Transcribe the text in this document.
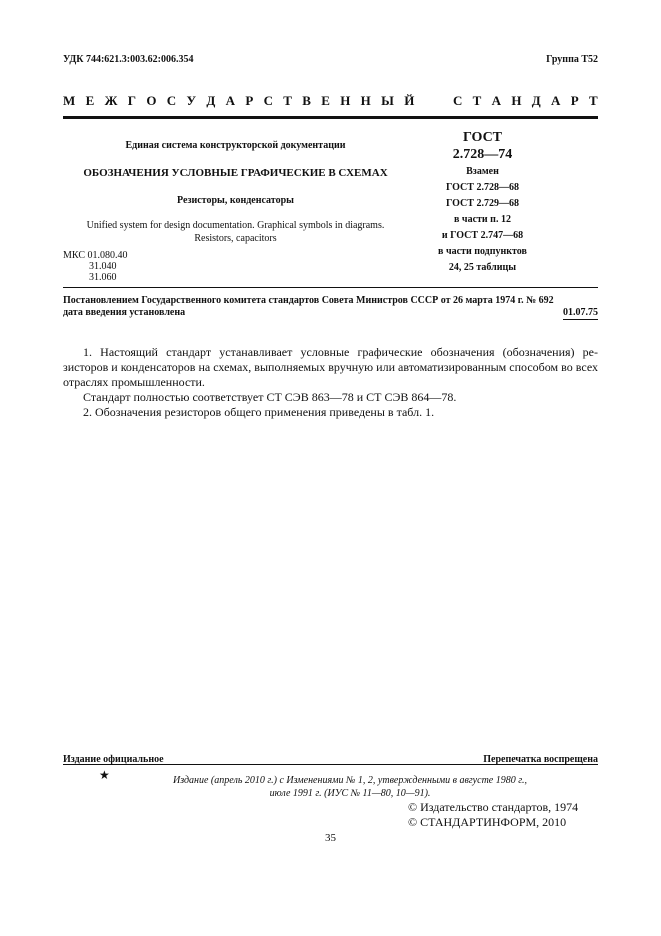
УДК 744:621.3:003.62:006.354	Группа Т52
М Е Ж Г О С У Д А Р С Т В Е Н Н Ы Й	С Т А Н Д А Р Т
Единая система конструкторской документации
ОБОЗНАЧЕНИЯ УСЛОВНЫЕ ГРАФИЧЕСКИЕ В СХЕМАХ
Резисторы, конденсаторы
Unified system for design documentation. Graphical symbols in diagrams.
Resistors, capacitors
МКС 01.080.40
31.040
31.060
ГОСТ
2.728—74
Взамен
ГОСТ 2.728—68
ГОСТ 2.729—68
в части п. 12
и ГОСТ 2.747—68
в части подпунктов
24, 25 таблицы
Постановлением Государственного комитета стандартов Совета Министров СССР от 26 марта 1974 г. № 692
дата введения установлена	01.07.75
1. Настоящий стандарт устанавливает условные графические обозначения (обозначения) ре-зисторов и конденсаторов на схемах, выполняемых вручную или автоматизированным способом во всех отраслях промышленности.
Стандарт полностью соответствует СТ СЭВ 863—78 и СТ СЭВ 864—78.
2. Обозначения резисторов общего применения приведены в табл. 1.
Издание официальное	Перепечатка воспрещена
★	Издание (апрель 2010 г.) с Изменениями № 1, 2, утвержденными в августе 1980 г.,
июле 1991 г. (ИУС № 11—80, 10—91).
© Издательство стандартов, 1974
© СТАНДАРТИНФОРМ, 2010
35
